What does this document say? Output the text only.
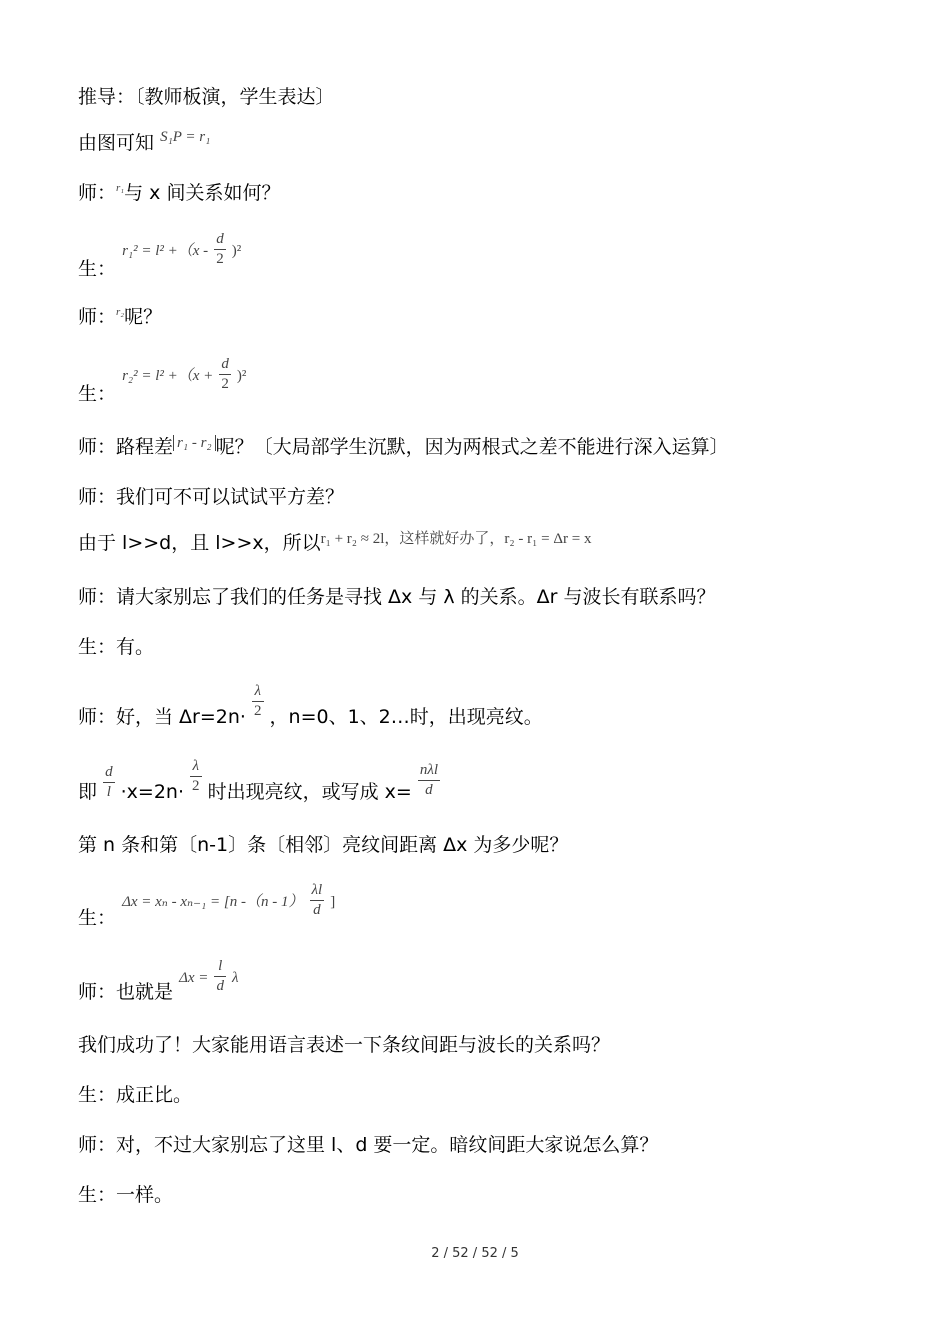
推导：〔教师板演，学生表达〕
由图可知 $^{S_1P = r_1}$
师：$^{r_1}$与 x 间关系如何？
生： $r_1^2 = l^2 +(x - \frac{d}{2} )^2$
师：$^{r_2}$呢？
生： $r_2^2 = l^2 +(x + \frac{d}{2} )^2$
师：路程差 $^{r_1 - r_2}$ 呢？〔大局部学生沉默，因为两根式之差不能进行深入运算〕
师：我们可不可以试试平方差？
由于 l>>d，且 l>>x，所以$^{r_1 + r_2 \approx 2l,这样就好办了,r_2 - r_1 = \Delta r = x}$
师：请大家别忘了我们的任务是寻找 Δx 与 λ 的关系。Δr 与波长有联系吗？
生：有。
师：好，当 $\Delta r=2n\cdot \frac{\lambda}{2}$ ，n=0、1、2…时，出现亮纹。
即 $\frac{d}{l} \cdot x=2n\cdot \frac{\lambda}{2}$ 时出现亮纹，或写成 $x= \frac{\text{nλl}}{d}$
第 n 条和第〔n-1〕条〔相邻〕亮纹间距离 Δx 为多少呢？
生： Δx = xₙ - xₙ₋₁ = [n $-(n - 1) \frac{\lambda l}{d}$ ]
师：也就是 $\Delta x = \frac{l}{d}$ λ
我们成功了！大家能用语言表述一下条纹间距与波长的关系吗？
生：成正比。
师：对，不过大家别忘了这里 l、d 要一定。暗纹间距大家说怎么算？
生：一样。
2 / 52 / 52 / 5
